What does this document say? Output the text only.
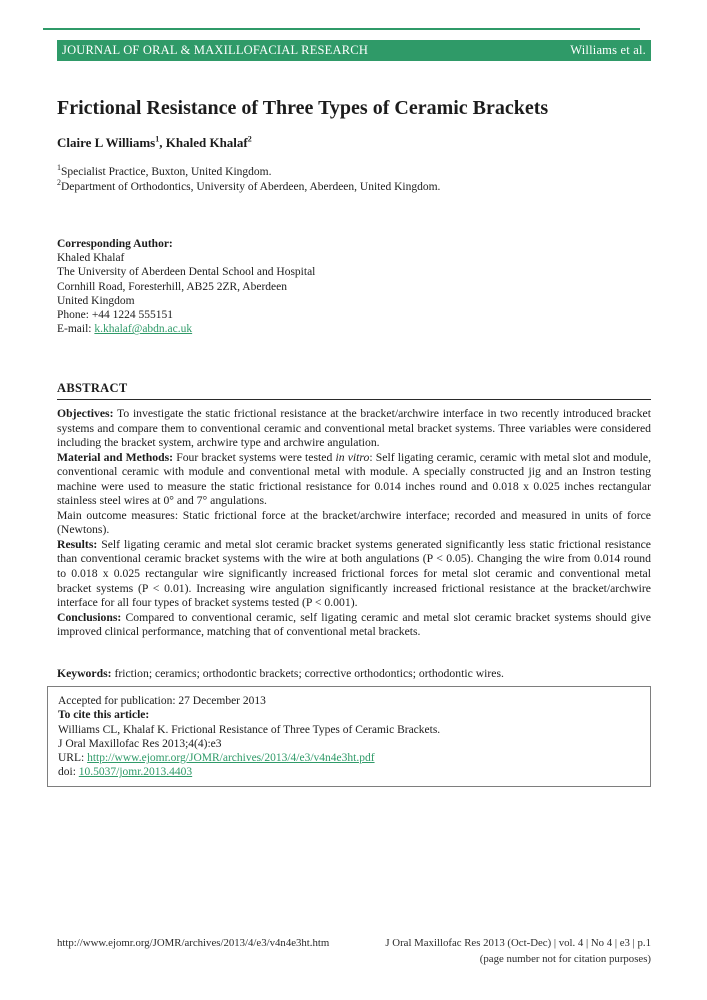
JOURNAL OF ORAL & MAXILLOFACIAL RESEARCH	Williams et al.
Frictional Resistance of Three Types of Ceramic Brackets
Claire L Williams$^1$, Khaled Khalaf$^2$
$^1$Specialist Practice, Buxton, United Kingdom.
$^2$Department of Orthodontics, University of Aberdeen, Aberdeen, United Kingdom.
Corresponding Author:
Khaled Khalaf
The University of Aberdeen Dental School and Hospital
Cornhill Road, Foresterhill, AB25 2ZR, Aberdeen
United Kingdom
Phone: +44 1224 555151
E-mail: k.khalaf@abdn.ac.uk
ABSTRACT

Objectives: To investigate the static frictional resistance at the bracket/archwire interface in two recently introduced bracket systems and compare them to conventional ceramic and conventional metal bracket systems. Three variables were considered including the bracket system, archwire type and archwire angulation.

Material and Methods: Four bracket systems were tested in vitro: Self ligating ceramic, ceramic with metal slot and module, conventional ceramic with module and conventional metal with module. A specially constructed jig and an Instron testing machine were used to measure the static frictional resistance for 0.014 inches round and 0.018 x 0.025 inches rectangular stainless steel wires at 0° and 7° angulations.

Main outcome measures: Static frictional force at the bracket/archwire interface; recorded and measured in units of force (Newtons).

Results: Self ligating ceramic and metal slot ceramic bracket systems generated significantly less static frictional resistance than conventional ceramic bracket systems with the wire at both angulations (P < 0.05). Changing the wire from 0.014 round to 0.018 x 0.025 rectangular wire significantly increased frictional forces for metal slot ceramic and conventional metal bracket systems (P < 0.01). Increasing wire angulation significantly increased frictional resistance at the bracket/archwire interface for all four types of bracket systems tested (P < 0.001).

Conclusions: Compared to conventional ceramic, self ligating ceramic and metal slot ceramic bracket systems should give improved clinical performance, matching that of conventional metal brackets.

Keywords: friction; ceramics; orthodontic brackets; corrective orthodontics; orthodontic wires.

Accepted for publication: 27 December 2013
To cite this article:
Williams CL, Khalaf K. Frictional Resistance of Three Types of Ceramic Brackets.
J Oral Maxillofac Res 2013;4(4):e3
URL: http://www.ejomr.org/JOMR/archives/2013/4/e3/v4n4e3ht.pdf
doi: 10.5037/jomr.2013.4403
http://www.ejomr.org/JOMR/archives/2013/4/e3/v4n4e3ht.htm	J Oral Maxillofac Res 2013 (Oct-Dec) | vol. 4 | No 4 | e3 | p.1
(page number not for citation purposes)
